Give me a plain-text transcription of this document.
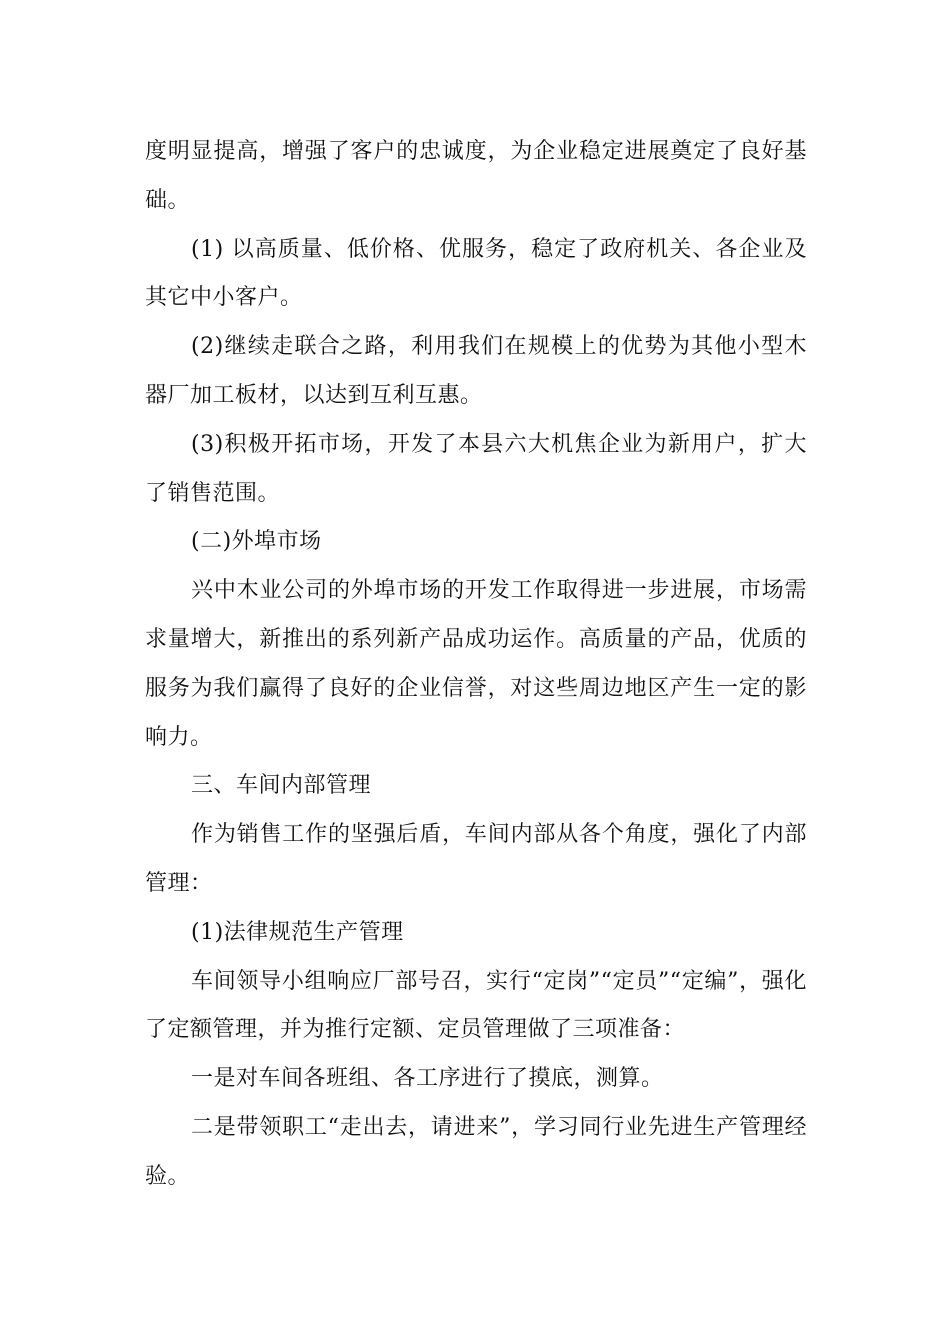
度明显提高，增强了客户的忠诚度，为企业稳定进展奠定了良好基础。

(1) 以高质量、低价格、优服务，稳定了政府机关、各企业及其它中小客户。

(2)继续走联合之路，利用我们在规模上的优势为其他小型木器厂加工板材，以达到互利互惠。

(3)积极开拓市场，开发了本县六大机焦企业为新用户，扩大了销售范围。

(二)外埠市场

兴中木业公司的外埠市场的开发工作取得进一步进展，市场需求量增大，新推出的系列新产品成功运作。高质量的产品，优质的服务为我们赢得了良好的企业信誉，对这些周边地区产生一定的影响力。

三、车间内部管理

作为销售工作的坚强后盾，车间内部从各个角度，强化了内部管理：

(1)法律规范生产管理

车间领导小组响应厂部号召，实行“定岗”“定员”“定编”，强化了定额管理，并为推行定额、定员管理做了三项准备：

一是对车间各班组、各工序进行了摸底，测算。

二是带领职工“走出去，请进来”，学习同行业先进生产管理经验。
